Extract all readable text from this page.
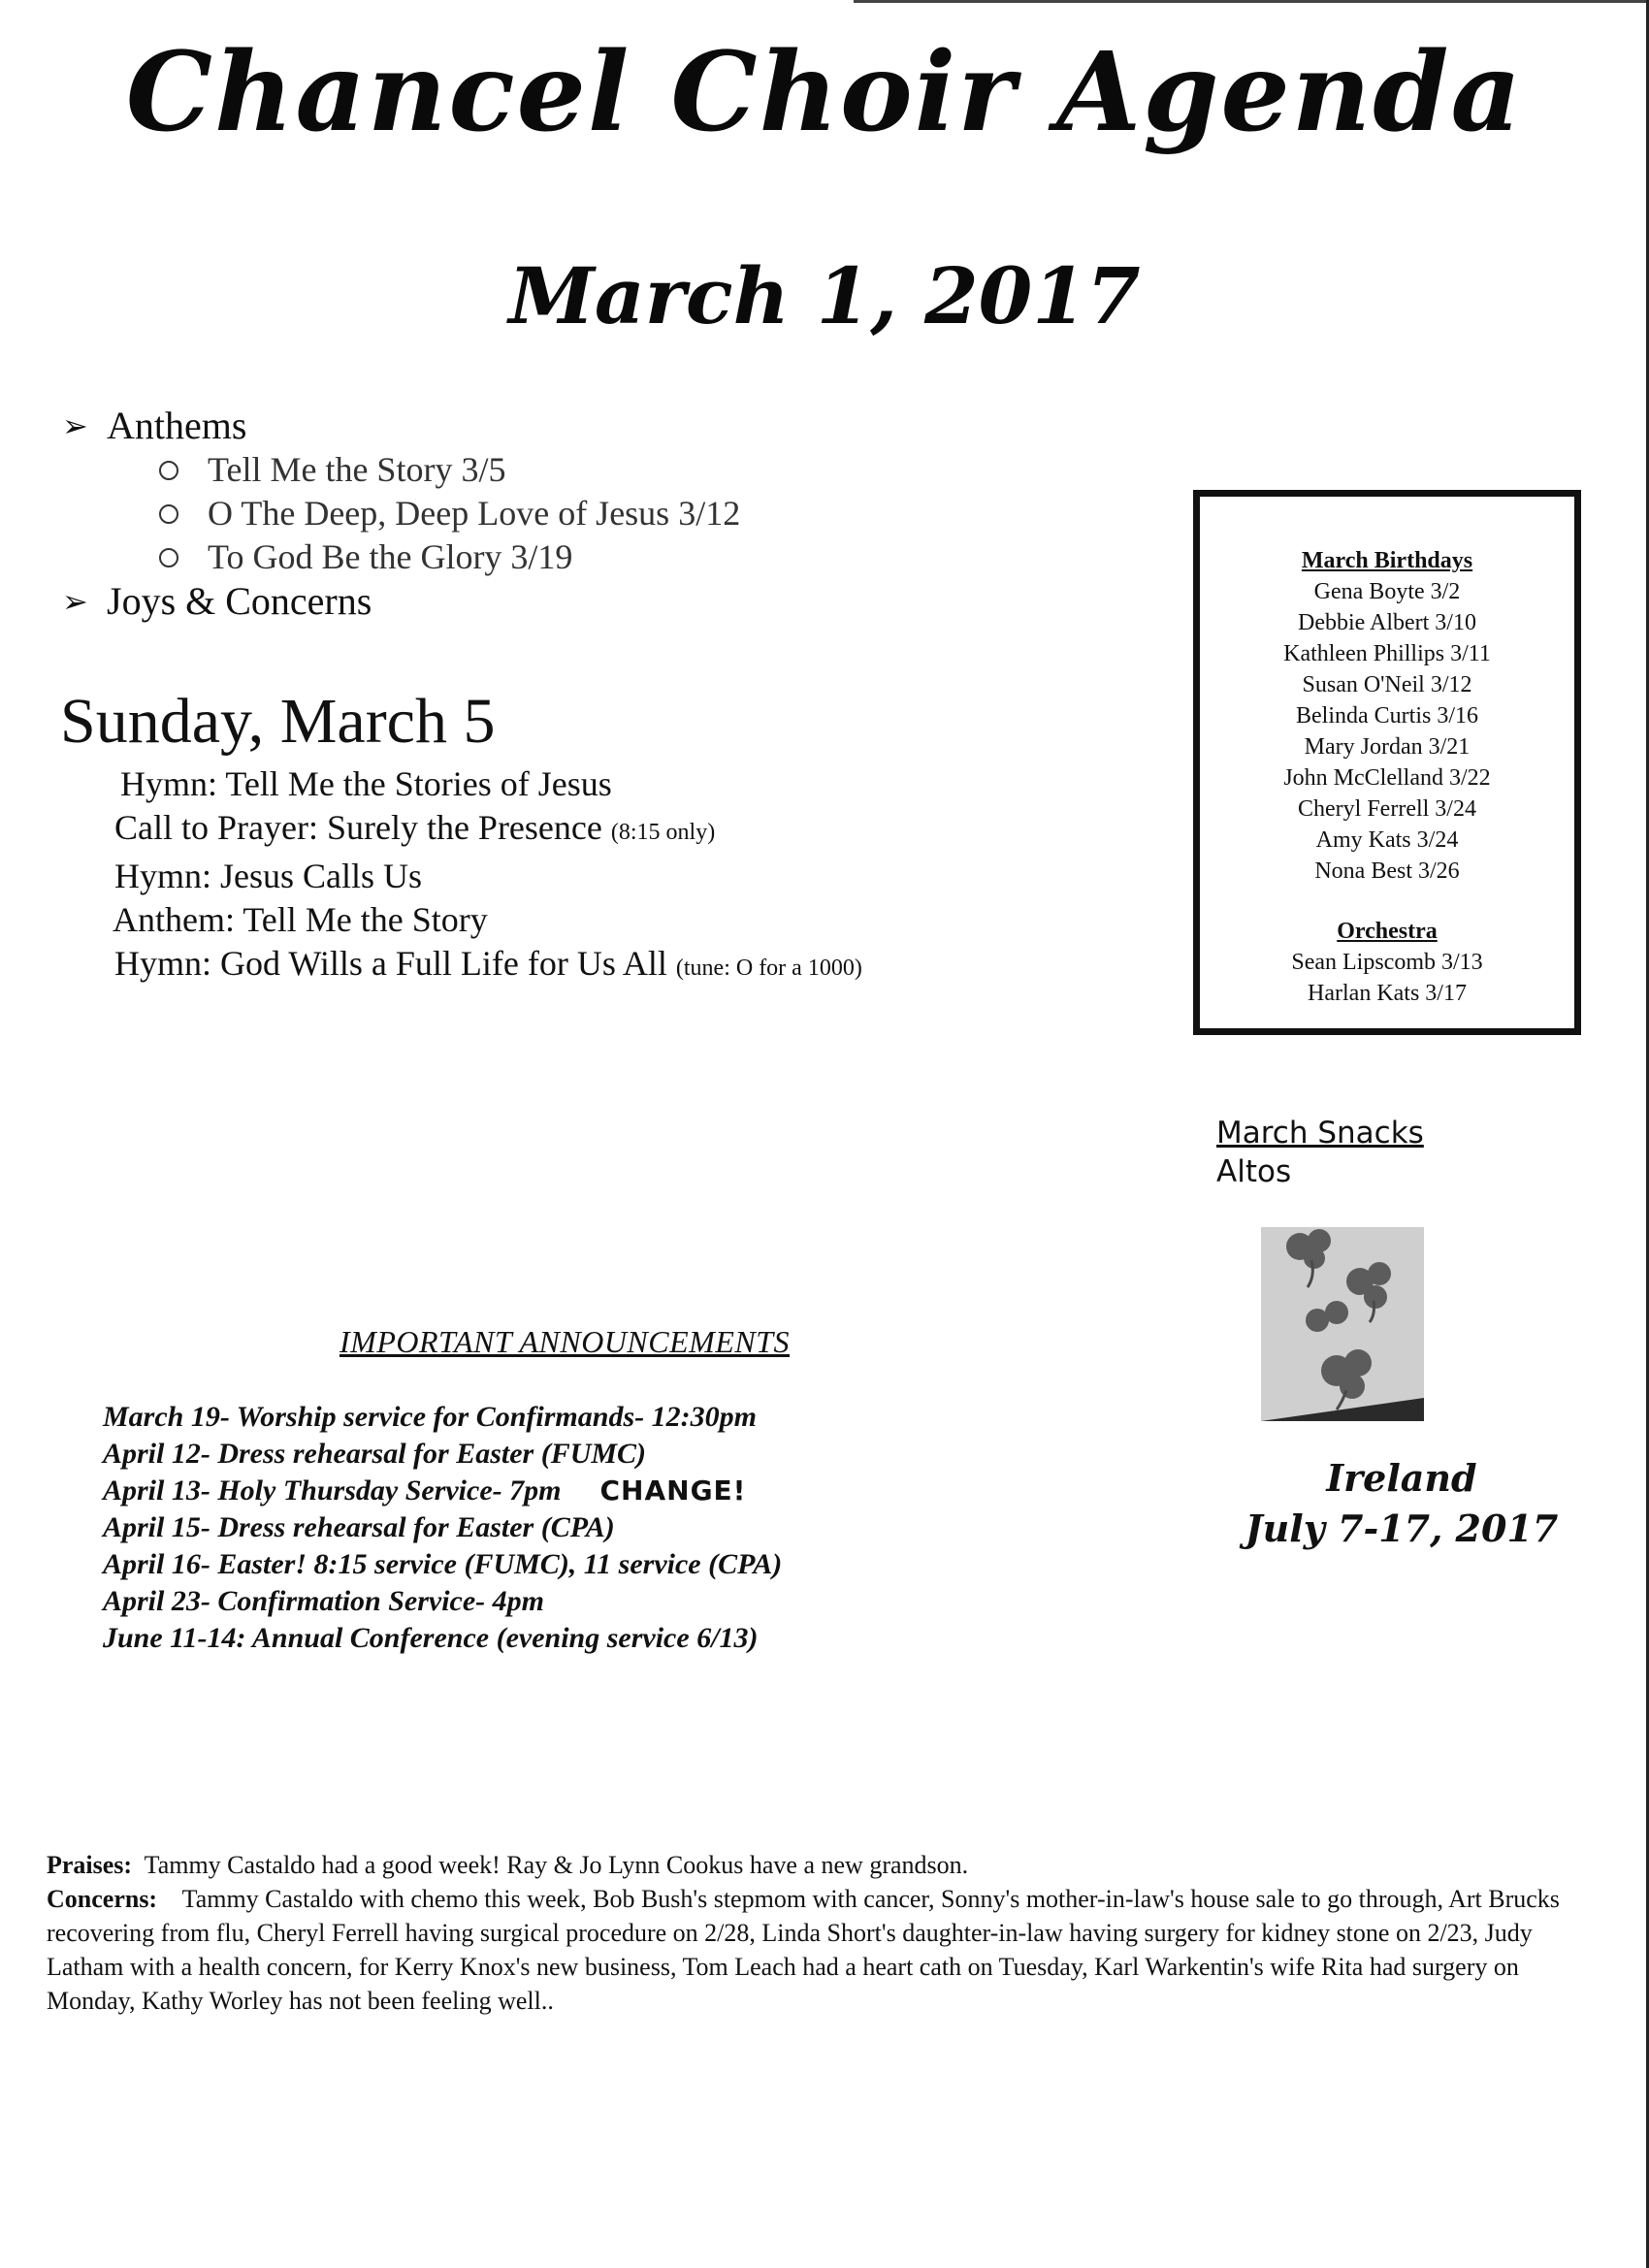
Chancel Choir Agenda
March 1, 2017
➢ Anthems
Tell Me the Story 3/5
O The Deep, Deep Love of Jesus 3/12
To God Be the Glory 3/19
➢ Joys & Concerns
Sunday, March 5
Hymn: Tell Me the Stories of Jesus
Call to Prayer: Surely the Presence (8:15 only)
Hymn: Jesus Calls Us
Anthem: Tell Me the Story
Hymn: God Wills a Full Life for Us All (tune: O for a 1000)
March Birthdays
Gena Boyte 3/2
Debbie Albert 3/10
Kathleen Phillips 3/11
Susan O'Neil 3/12
Belinda Curtis 3/16
Mary Jordan 3/21
John McClelland 3/22
Cheryl Ferrell 3/24
Amy Kats 3/24
Nona Best 3/26
Orchestra
Sean Lipscomb 3/13
Harlan Kats 3/17
March Snacks
Altos
Ireland
July 7-17, 2017
IMPORTANT ANNOUNCEMENTS
March 19- Worship service for Confirmands- 12:30pm
April 12- Dress rehearsal for Easter (FUMC)
April 13- Holy Thursday Service- 7pm CHANGE!
April 15- Dress rehearsal for Easter (CPA)
April 16- Easter! 8:15 service (FUMC), 11 service (CPA)
April 23- Confirmation Service- 4pm
June 11-14: Annual Conference (evening service 6/13)

Praises: Tammy Castaldo had a good week! Ray & Jo Lynn Cookus have a new grandson.

Concerns: Tammy Castaldo with chemo this week, Bob Bush's stepmom with cancer, Sonny's mother-in-law's house sale to go through, Art Brucks recovering from flu, Cheryl Ferrell having surgical procedure on 2/28, Linda Short's daughter-in-law having surgery for kidney stone on 2/23, Judy Latham with a health concern, for Kerry Knox's new business, Tom Leach had a heart cath on Tuesday, Karl Warkentin's wife Rita had surgery on Monday, Kathy Worley has not been feeling well..
